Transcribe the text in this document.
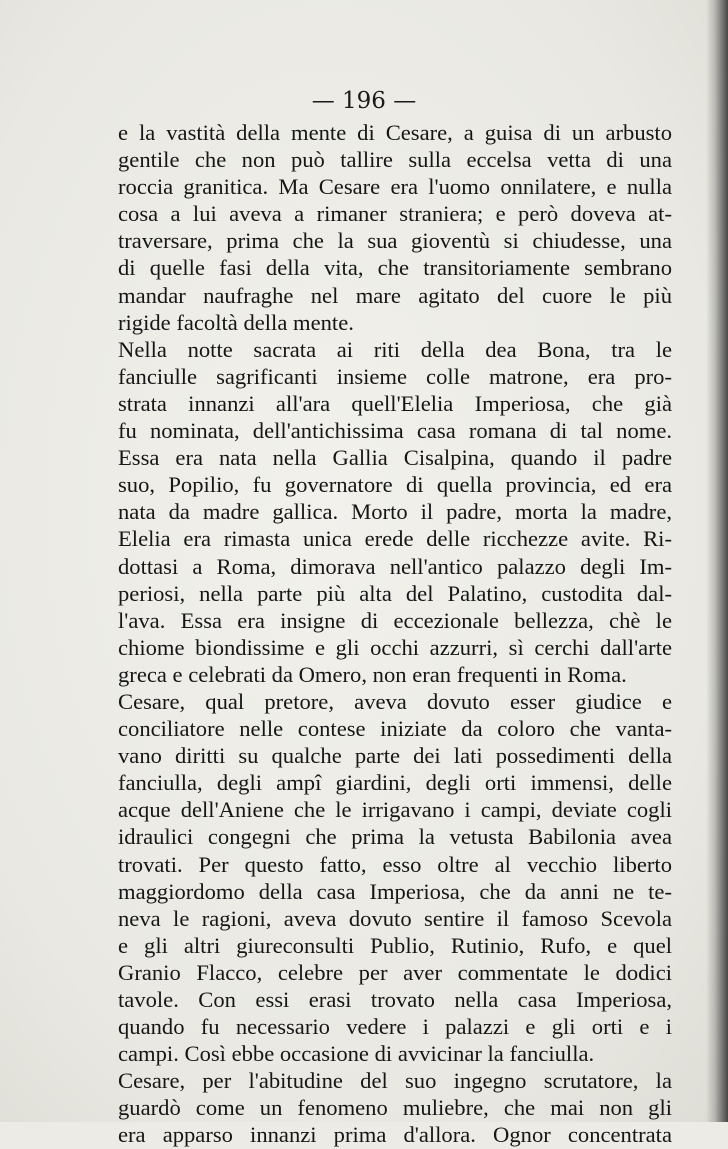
— 196 —
e la vastità della mente di Cesare, a guisa di un arbusto
gentile che non può tallire sulla eccelsa vetta di una
roccia granitica. Ma Cesare era l'uomo onnilatere, e nulla
cosa a lui aveva a rimaner straniera; e però doveva at-
traversare, prima che la sua gioventù si chiudesse, una
di quelle fasi della vita, che transitoriamente sembrano
mandar naufraghe nel mare agitato del cuore le più
rigide facoltà della mente.
Nella notte sacrata ai riti della dea Bona, tra le
fanciulle sagrificanti insieme colle matrone, era pro-
strata innanzi all'ara quell'Elelia Imperiosa, che già
fu nominata, dell'antichissima casa romana di tal nome.
Essa era nata nella Gallia Cisalpina, quando il padre
suo, Popilio, fu governatore di quella provincia, ed era
nata da madre gallica. Morto il padre, morta la madre,
Elelia era rimasta unica erede delle ricchezze avite. Ri-
dottasi a Roma, dimorava nell'antico palazzo degli Im-
periosi, nella parte più alta del Palatino, custodita dal-
l'ava. Essa era insigne di eccezionale bellezza, chè le
chiome biondissime e gli occhi azzurri, sì cerchi dall'arte
greca e celebrati da Omero, non eran frequenti in Roma.
Cesare, qual pretore, aveva dovuto esser giudice e
conciliatore nelle contese iniziate da coloro che vanta-
vano diritti su qualche parte dei lati possedimenti della
fanciulla, degli ampî giardini, degli orti immensi, delle
acque dell'Aniene che le irrigavano i campi, deviate cogli
idraulici congegni che prima la vetusta Babilonia avea
trovati. Per questo fatto, esso oltre al vecchio liberto
maggiordomo della casa Imperiosa, che da anni ne te-
neva le ragioni, aveva dovuto sentire il famoso Scevola
e gli altri giureconsulti Publio, Rutinio, Rufo, e quel
Granio Flacco, celebre per aver commentate le dodici
tavole. Con essi erasi trovato nella casa Imperiosa,
quando fu necessario vedere i palazzi e gli orti e i
campi. Così ebbe occasione di avvicinar la fanciulla.
Cesare, per l'abitudine del suo ingegno scrutatore, la
guardò come un fenomeno muliebre, che mai non gli
era apparso innanzi prima d'allora. Ognor concentrata
